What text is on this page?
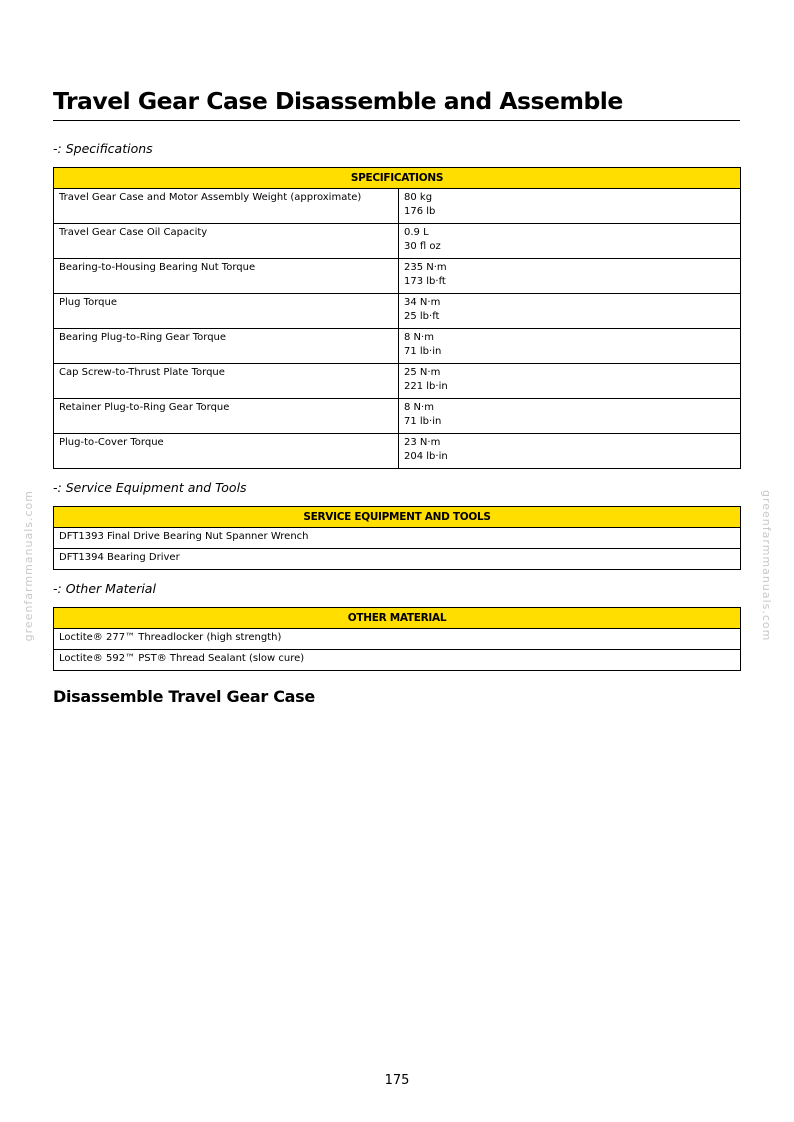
Travel Gear Case Disassemble and Assemble
-: Specifications
SPECIFICATIONS	
Travel Gear Case and Motor Assembly Weight (approximate)	80 kg
176 lb

Travel Gear Case Oil Capacity	0.9 L
30 fl oz

Bearing-to-Housing Bearing Nut Torque	235 N·m
173 lb·ft

Plug Torque	34 N·m
25 lb·ft

Bearing Plug-to-Ring Gear Torque	8 N·m
71 lb·in

Cap Screw-to-Thrust Plate Torque	25 N·m
221 lb·in

Retainer Plug-to-Ring Gear Torque	8 N·m
71 lb·in

Plug-to-Cover Torque	23 N·m
204 lb·in
-: Service Equipment and Tools
SERVICE EQUIPMENT AND TOOLS
DFT1393 Final Drive Bearing Nut Spanner Wrench
DFT1394 Bearing Driver
-: Other Material
OTHER MATERIAL
Loctite® 277™ Threadlocker (high strength)
Loctite® 592™ PST® Thread Sealant (slow cure)
Disassemble Travel Gear Case
greenfarmmanuals.com	greenfarmmanuals.com
175
